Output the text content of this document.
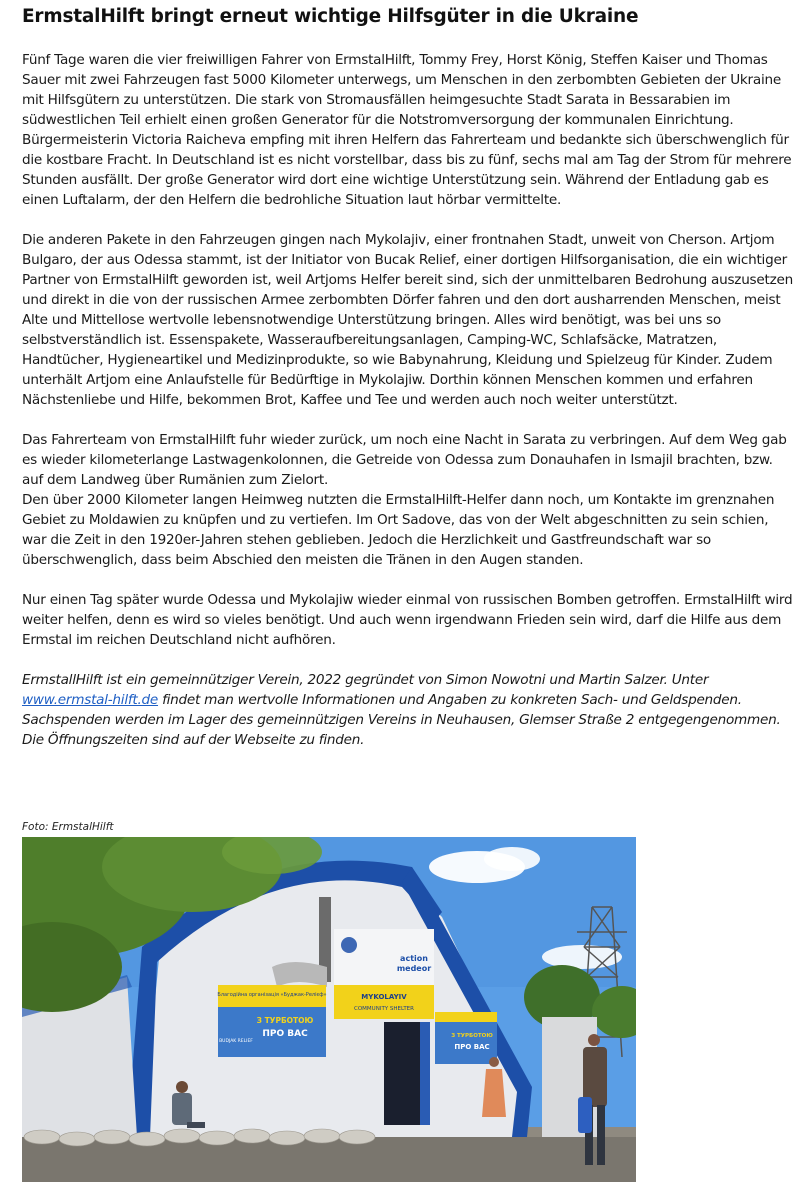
ErmstalHilft bringt erneut wichtige Hilfsgüter in die Ukraine

Fünf Tage waren die vier freiwilligen Fahrer von ErmstalHilft, Tommy Frey, Horst König, Steffen Kaiser und Thomas Sauer mit zwei Fahrzeugen fast 5000 Kilometer unterwegs, um Menschen in den zerbombten Gebieten der Ukraine mit Hilfsgütern zu unterstützen. Die stark von Stromausfällen heimgesuchte Stadt Sarata in Bessarabien im südwestlichen Teil erhielt einen großen Generator für die Notstromversorgung der kommunalen Einrichtung. Bürgermeisterin Victoria Raicheva empfing mit ihren Helfern das Fahrerteam und bedankte sich überschwenglich für die kostbare Fracht. In Deutschland ist es nicht vorstellbar, dass bis zu fünf, sechs mal am Tag der Strom für mehrere Stunden ausfällt. Der große Generator wird dort eine wichtige Unterstützung sein. Während der Entladung gab es einen Luftalarm, der den Helfern die bedrohliche Situation laut hörbar vermittelte.

Die anderen Pakete in den Fahrzeugen gingen nach Mykolajiv, einer frontnahen Stadt, unweit von Cherson. Artjom Bulgaro, der aus Odessa stammt, ist der Initiator von Bucak Relief, einer dortigen Hilfsorganisation, die ein wichtiger Partner von ErmstalHilft geworden ist, weil Artjoms Helfer bereit sind, sich der unmittelbaren Bedrohung auszusetzen und direkt in die von der russischen Armee zerbombten Dörfer fahren und den dort ausharrenden Menschen, meist Alte und Mittellose wertvolle lebensnotwendige Unterstützung bringen. Alles wird benötigt, was bei uns so selbstverständlich ist. Essenspakete, Wasseraufbereitungsanlagen, Camping-WC, Schlafsäcke, Matratzen, Handtücher, Hygieneartikel und Medizinprodukte, so wie Babynahrung, Kleidung und Spielzeug für Kinder. Zudem unterhält Artjom eine Anlaufstelle für Bedürftige in Mykolajiw. Dorthin können Menschen kommen und erfahren Nächstenliebe und Hilfe, bekommen Brot, Kaffee und Tee und werden auch noch weiter unterstützt.

Das Fahrerteam von ErmstalHilft fuhr wieder zurück, um noch eine Nacht in Sarata zu verbringen. Auf dem Weg gab es wieder kilometerlange Lastwagenkolonnen, die Getreide von Odessa zum Donauhafen in Ismajil brachten, bzw. auf dem Landweg über Rumänien zum Zielort.

Den über 2000 Kilometer langen Heimweg nutzten die ErmstalHilft-Helfer dann noch, um Kontakte im grenznahen Gebiet zu Moldawien zu knüpfen und zu vertiefen. Im Ort Sadove, das von der Welt abgeschnitten zu sein schien, war die Zeit in den 1920er-Jahren stehen geblieben. Jedoch die Herzlichkeit und Gastfreundschaft war so überschwenglich, dass beim Abschied den meisten die Tränen in den Augen standen.

Nur einen Tag später wurde Odessa und Mykolajiw wieder einmal von russischen Bomben getroffen. ErmstalHilft wird weiter helfen, denn es wird so vieles benötigt. Und auch wenn irgendwann Frieden sein wird, darf die Hilfe aus dem Ermstal im reichen Deutschland nicht aufhören.

ErmstallHilft ist ein gemeinnütziger Verein, 2022 gegründet von Simon Nowotni und Martin Salzer. Unter www.ermstal-hilft.de findet man wertvolle Informationen und Angaben zu konkreten Sach- und Geldspenden. Sachspenden werden im Lager des gemeinnützigen Vereins in Neuhausen, Glemser Straße 2 entgegengenommen. Die Öffnungszeiten sind auf der Webseite zu finden.

Foto: ErmstalHilft
Благодійна організація «Буджак-Релієф»
BUDJAK RELIEF
З ТУРБОТОЮ
ПРО ВАС
action
medeor
MYKOLAYIV
COMMUNITY SHELTER
З ТУРБОТОЮ
ПРО ВАС
